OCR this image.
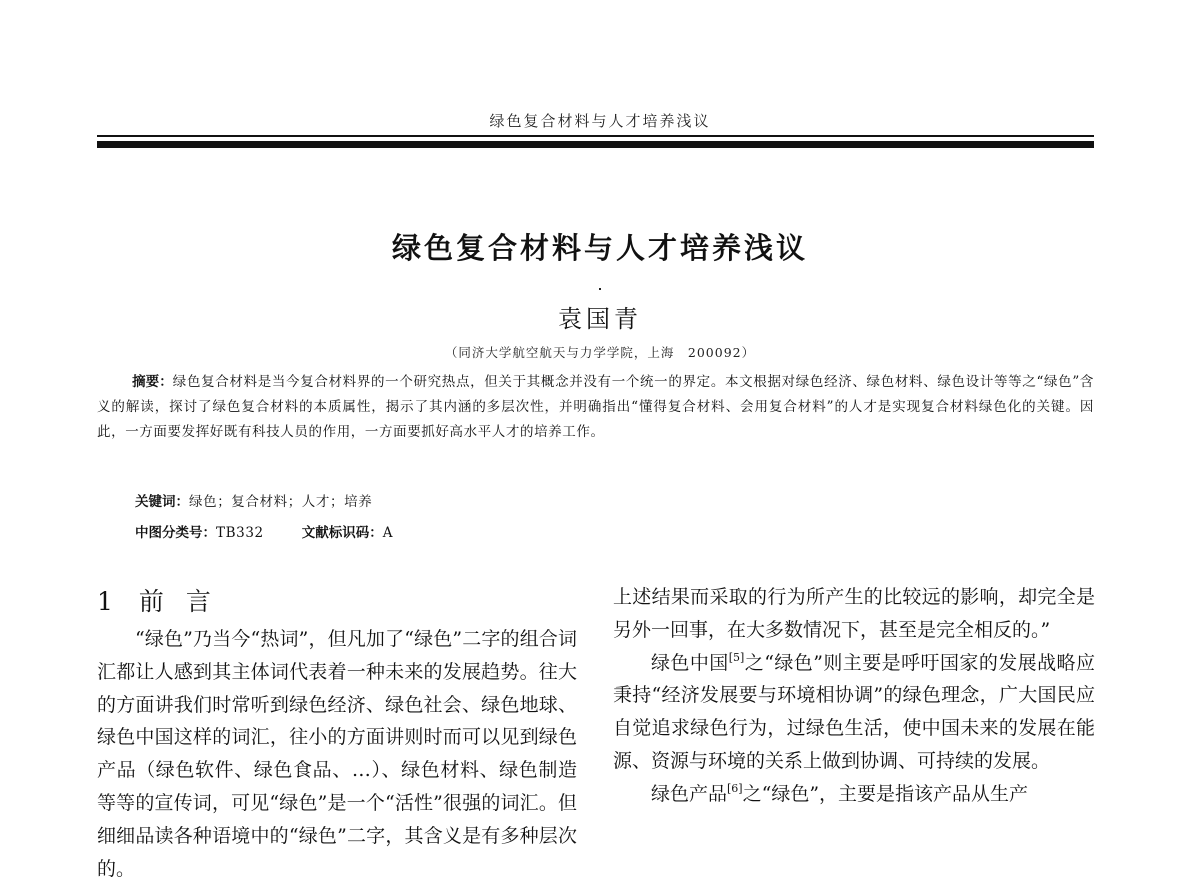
绿色复合材料与人才培养浅议
绿色复合材料与人才培养浅议
袁国青
（同济大学航空航天与力学学院，上海　200092）

摘要：绿色复合材料是当今复合材料界的一个研究热点，但关于其概念并没有一个统一的界定。本文根据对绿色经济、绿色材料、绿色设计等等之“绿色”含义的解读，探讨了绿色复合材料的本质属性，揭示了其内涵的多层次性，并明确指出“懂得复合材料、会用复合材料”的人才是实现复合材料绿色化的关键。因此，一方面要发挥好既有科技人员的作用，一方面要抓好高水平人才的培养工作。

关键词：绿色；复合材料；人才；培养
中图分类号：TB332	文献标识码：A
1 前言

“绿色”乃当今“热词”，但凡加了“绿色”二字的组合词汇都让人感到其主体词代表着一种未来的发展趋势。往大的方面讲我们时常听到绿色经济、绿色社会、绿色地球、绿色中国这样的词汇，往小的方面讲则时而可以见到绿色产品（绿色软件、绿色食品、…）、绿色材料、绿色制造等等的宣传词，可见“绿色”是一个“活性”很强的词汇。但细细品读各种语境中的“绿色”二字，其含义是有多种层次的。

上述结果而采取的行为所产生的比较远的影响，却完全是另外一回事，在大多数情况下，甚至是完全相反的。”

绿色中国[5]之“绿色”则主要是呼吁国家的发展战略应秉持“经济发展要与环境相协调”的绿色理念，广大国民应自觉追求绿色行为，过绿色生活，使中国未来的发展在能源、资源与环境的关系上做到协调、可持续的发展。

绿色产品[6]之“绿色”，主要是指该产品从生产
